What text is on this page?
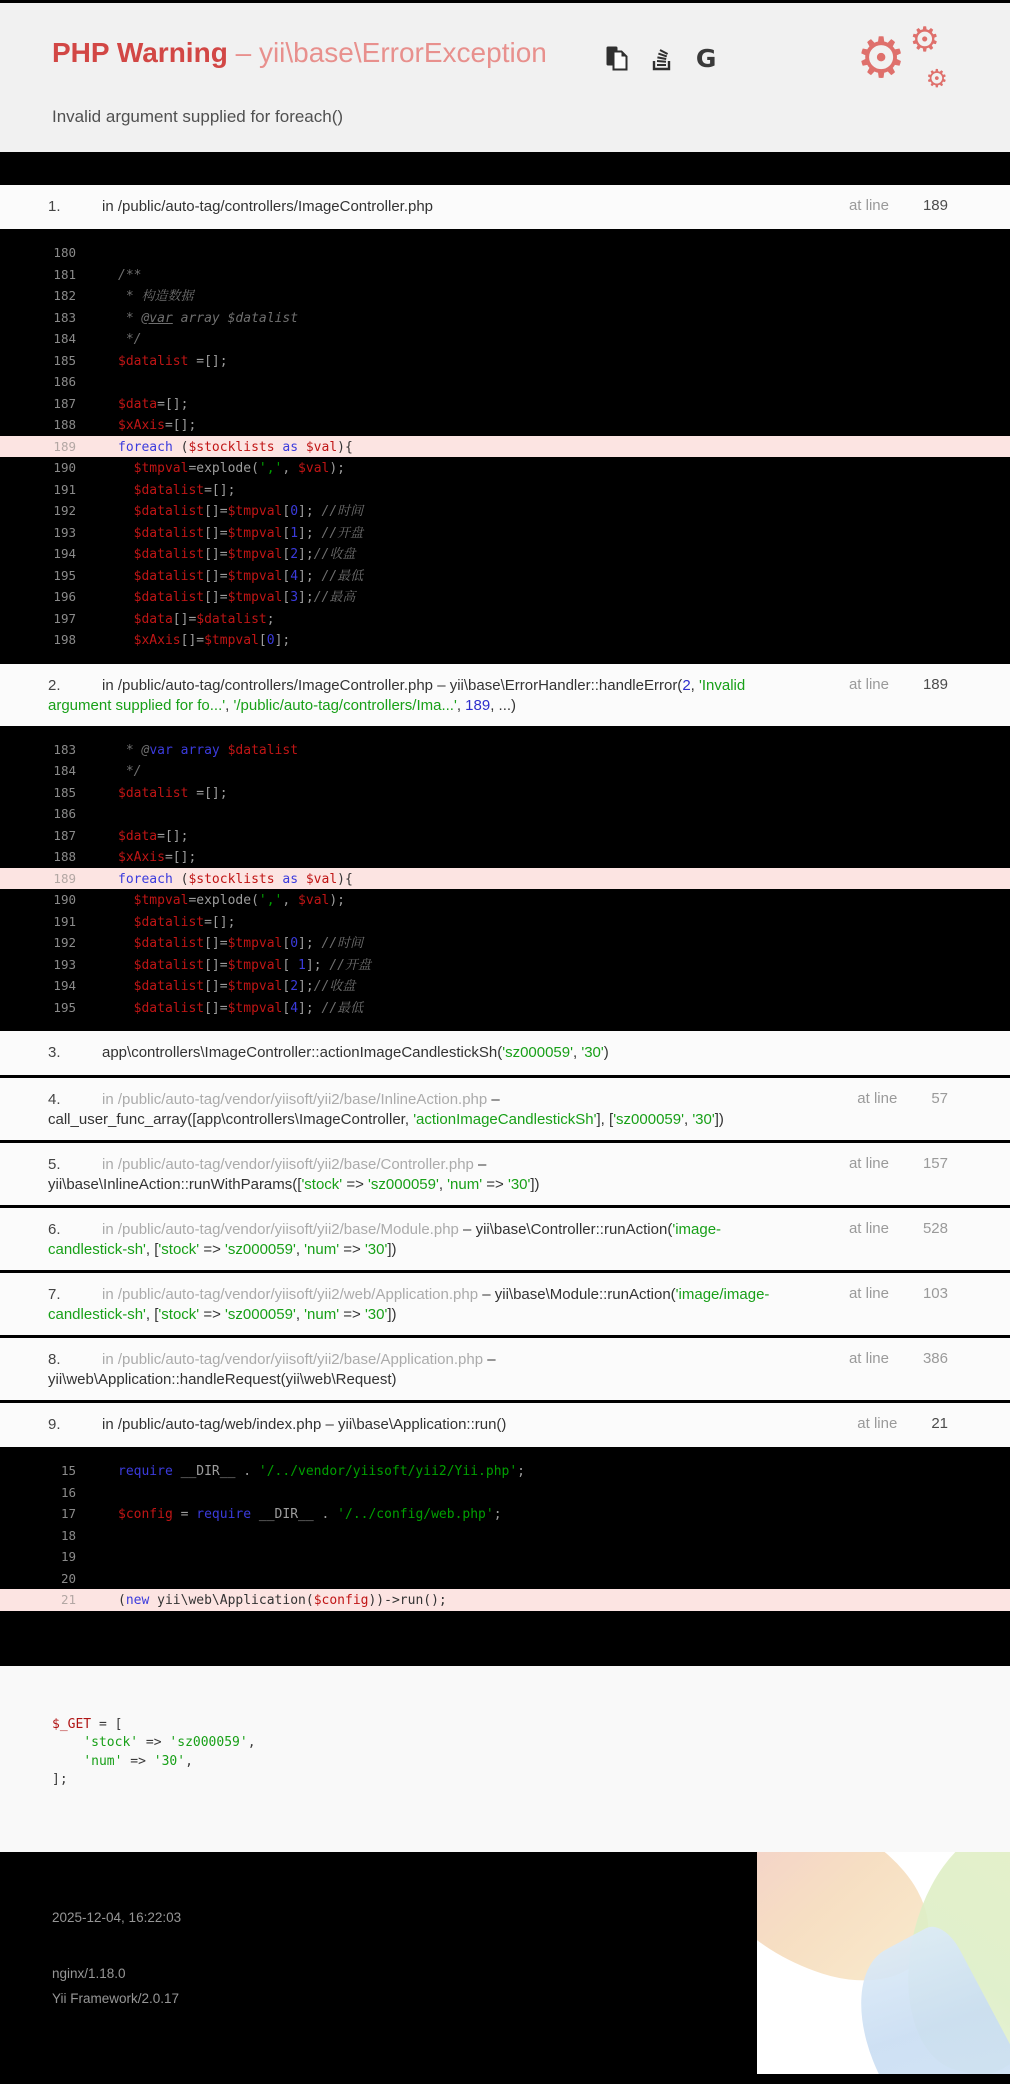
PHP Warning – yii\base\ErrorException	G ⚙ ⚙
⚙

Invalid argument supplied for foreach()

1.	in /public/auto-tag/controllers/ImageController.php	at line 189
180
181	/**
182	* 构造数据
183	* @var array $datalist
184	*/
185	$datalist =[];
186
187	$data=[];
188	$xAxis=[];
189	foreach ($stocklists as $val){
190	$tmpval=explode(',', $val);
191	$datalist=[];
192	$datalist[]=$tmpval[0]; //时间
193	$datalist[]=$tmpval[1]; //开盘
194	$datalist[]=$tmpval[2];//收盘
195	$datalist[]=$tmpval[4]; //最低
196	$datalist[]=$tmpval[3];//最高
197	$data[]=$datalist;
198	$xAxis[]=$tmpval[0];
2.	in /public/auto-tag/controllers/ImageController.php – yii\base\ErrorHandler::handleError(2, 'Invalid argument supplied for fo...', '/public/auto-tag/controllers/Ima...', 189, ...)
at line 189
183	* @var array $datalist
184	*/
185	$datalist =[];
186
187	$data=[];
188	$xAxis=[];
189	foreach ($stocklists as $val){
190	$tmpval=explode(',', $val);
191	$datalist=[];
192	$datalist[]=$tmpval[0]; //时间
193	$datalist[]=$tmpval[ 1]; //开盘
194	$datalist[]=$tmpval[2];//收盘
195	$datalist[]=$tmpval[4]; //最低
3.	app\controllers\ImageController::actionImageCandlestickSh('sz000059', '30')
4.	in /public/auto-tag/vendor/yiisoft/yii2/base/InlineAction.php – call_user_func_array([app\controllers\ImageController, 'actionImageCandlestickSh'], ['sz000059', '30'])
at line 57
5.	in /public/auto-tag/vendor/yiisoft/yii2/base/Controller.php – yii\base\InlineAction::runWithParams(['stock' => 'sz000059', 'num' => '30'])
at line 157
6.	in /public/auto-tag/vendor/yiisoft/yii2/base/Module.php – yii\base\Controller::runAction('image-candlestick-sh', ['stock' => 'sz000059', 'num' => '30'])
at line 528
7.	in /public/auto-tag/vendor/yiisoft/yii2/web/Application.php – yii\base\Module::runAction('image/image-candlestick-sh', ['stock' => 'sz000059', 'num' => '30'])
at line 103
8.	in /public/auto-tag/vendor/yiisoft/yii2/base/Application.php – yii\web\Application::handleRequest(yii\web\Request)
at line 386
9.	in /public/auto-tag/web/index.php – yii\base\Application::run()	at line 21
15	require __DIR__ . '/../vendor/yiisoft/yii2/Yii.php';
16
17	$config = require __DIR__ . '/../config/web.php';
18
19
20
21	(new yii\web\Application($config))->run();
$_GET = [
'stock' => 'sz000059',
'num' => '30',
];
2025-12-04, 16:22:03
nginx/1.18.0
Yii Framework/2.0.17
